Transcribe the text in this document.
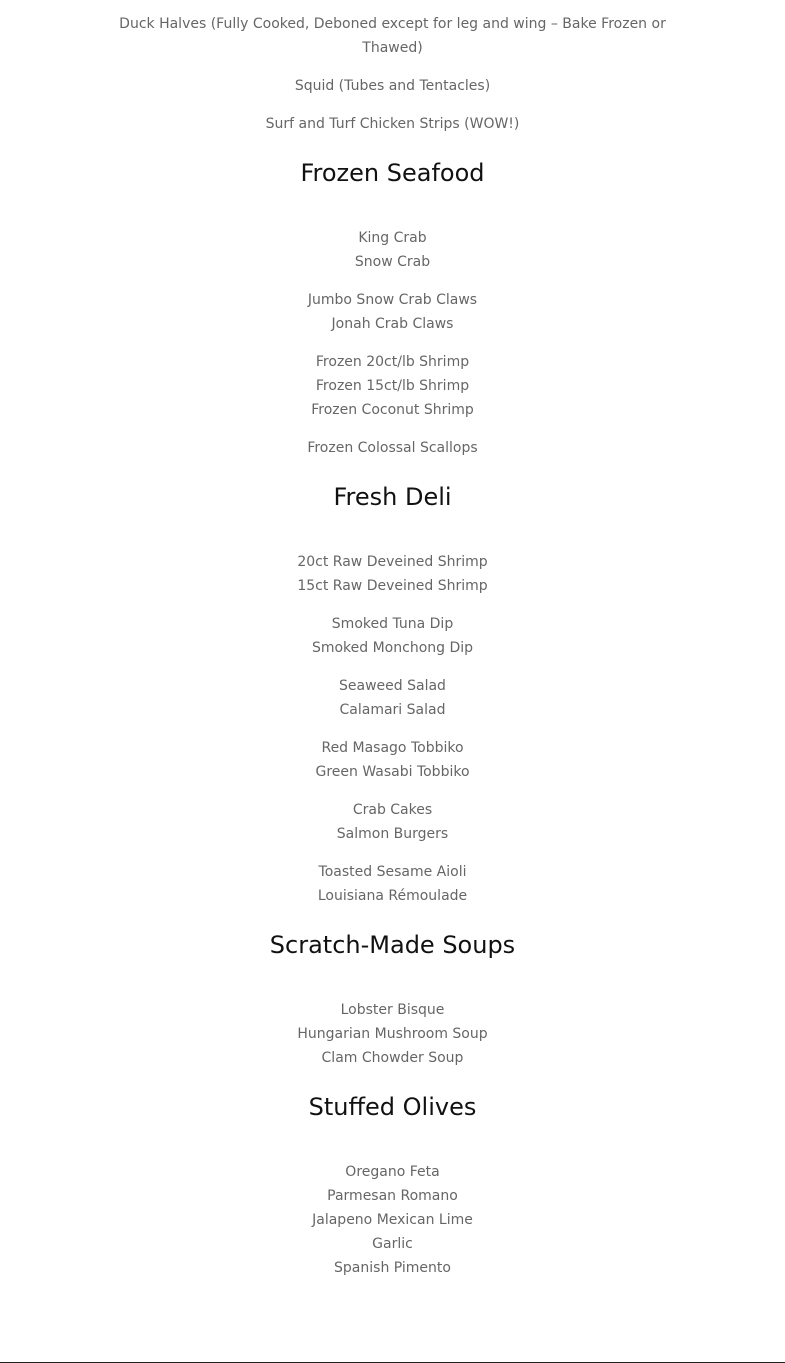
Duck Halves (Fully Cooked, Deboned except for leg and wing – Bake Frozen or Thawed)
Squid (Tubes and Tentacles)
Surf and Turf Chicken Strips (WOW!)
Frozen Seafood
King Crab
Snow Crab
Jumbo Snow Crab Claws
Jonah Crab Claws
Frozen 20ct/lb Shrimp
Frozen 15ct/lb Shrimp
Frozen Coconut Shrimp
Frozen Colossal Scallops
Fresh Deli
20ct Raw Deveined Shrimp
15ct Raw Deveined Shrimp
Smoked Tuna Dip
Smoked Monchong Dip
Seaweed Salad
Calamari Salad
Red Masago Tobbiko
Green Wasabi Tobbiko
Crab Cakes
Salmon Burgers
Toasted Sesame Aioli
Louisiana Rémoulade
Scratch-Made Soups
Lobster Bisque
Hungarian Mushroom Soup
Clam Chowder Soup
Stuffed Olives
Oregano Feta
Parmesan Romano
Jalapeno Mexican Lime
Garlic
Spanish Pimento
